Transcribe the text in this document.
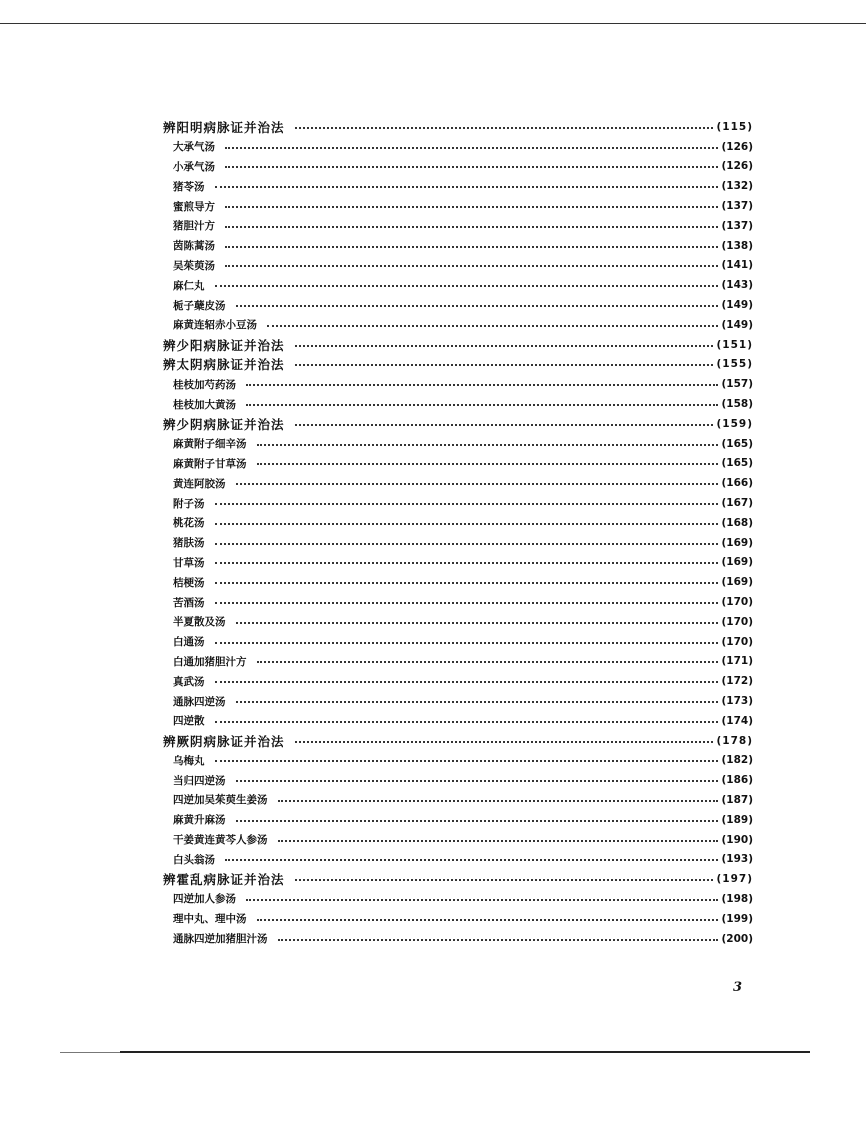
辨阳明病脉证并治法	(115)
大承气汤	(126)
小承气汤	(126)
猪苓汤	(132)
蜜煎导方	(137)
猪胆汁方	(137)
茵陈蒿汤	(138)
吴茱萸汤	(141)
麻仁丸	(143)
栀子蘖皮汤	(149)
麻黄连轺赤小豆汤	(149)
辨少阳病脉证并治法	(151)
辨太阴病脉证并治法	(155)
桂枝加芍药汤	(157)
桂枝加大黄汤	(158)
辨少阴病脉证并治法	(159)
麻黄附子细辛汤	(165)
麻黄附子甘草汤	(165)
黄连阿胶汤	(166)
附子汤	(167)
桃花汤	(168)
猪肤汤	(169)
甘草汤	(169)
桔梗汤	(169)
苦酒汤	(170)
半夏散及汤	(170)
白通汤	(170)
白通加猪胆汁方	(171)
真武汤	(172)
通脉四逆汤	(173)
四逆散	(174)
辨厥阴病脉证并治法	(178)
乌梅丸	(182)
当归四逆汤	(186)
四逆加吴茱萸生姜汤	(187)
麻黄升麻汤	(189)
干姜黄连黄芩人参汤	(190)
白头翁汤	(193)
辨霍乱病脉证并治法	(197)
四逆加人参汤	(198)
理中丸、理中汤	(199)
通脉四逆加猪胆汁汤	(200)
3
